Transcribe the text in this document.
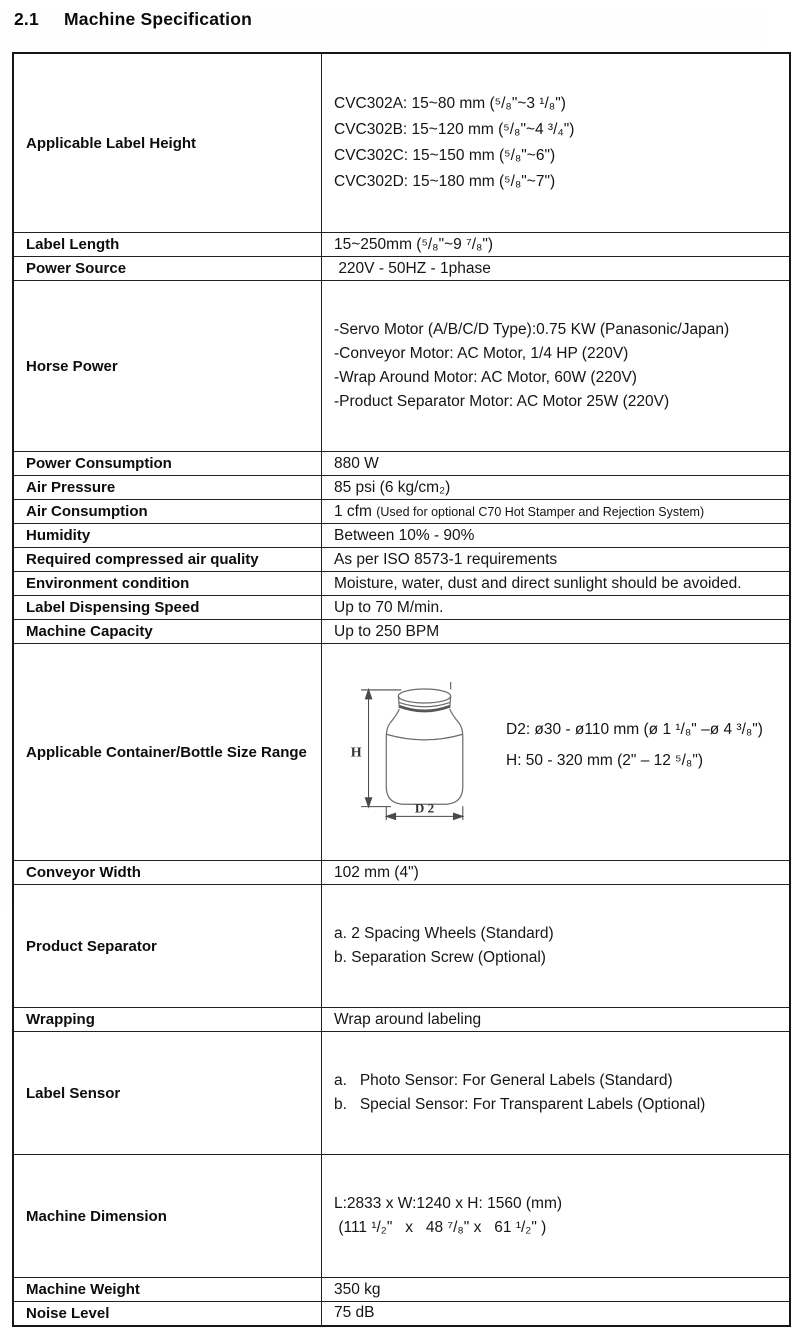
2.1	Machine Specification
Applicable Label Height	CVC302A: 15~80 mm (⁵/₈"~3 ¹/₈")
CVC302B: 15~120 mm (⁵/₈"~4 ³/₄")
CVC302C: 15~150 mm (⁵/₈"~6")
CVC302D: 15~180 mm (⁵/₈"~7")

Label Length	15~250mm (⁵/₈"~9 ⁷/₈")
Power Source	220V - 50HZ - 1phase
Horse Power	-Servo Motor (A/B/C/D Type):0.75 KW (Panasonic/Japan)
-Conveyor Motor: AC Motor, 1/4 HP (220V)
-Wrap Around Motor: AC Motor, 60W (220V)
-Product Separator Motor: AC Motor 25W (220V)

Power Consumption	880 W
Air Pressure	85 psi (6 kg/cm₂)
Air Consumption	1 cfm (Used for optional C70 Hot Stamper and Rejection System)
Humidity	Between 10% - 90%
Required compressed air quality	As per ISO 8573-1 requirements
Environment condition	Moisture, water, dust and direct sunlight should be avoided.
Label Dispensing Speed	Up to 70 M/min.
Machine Capacity	Up to 250 BPM
Applicable Container/Bottle Size Range	H
D 2
D2: ø30 - ø110 mm (ø 1 ¹/₈" –ø 4 ³/₈")
H: 50 - 320 mm (2" – 12 ⁵/₈")

Conveyor Width	102 mm (4")
Product Separator	a. 2 Spacing Wheels (Standard)
b. Separation Screw (Optional)

Wrapping	Wrap around labeling
Label Sensor	a.   Photo Sensor: For General Labels (Standard)
b.   Special Sensor: For Transparent Labels (Optional)

Machine Dimension	L:2833 x W:1240 x H: 1560 (mm)
(111 ¹/₂"   x   48 ⁷/₈" x   61 ¹/₂" )

Machine Weight	350 kg
Noise Level	75 dB
